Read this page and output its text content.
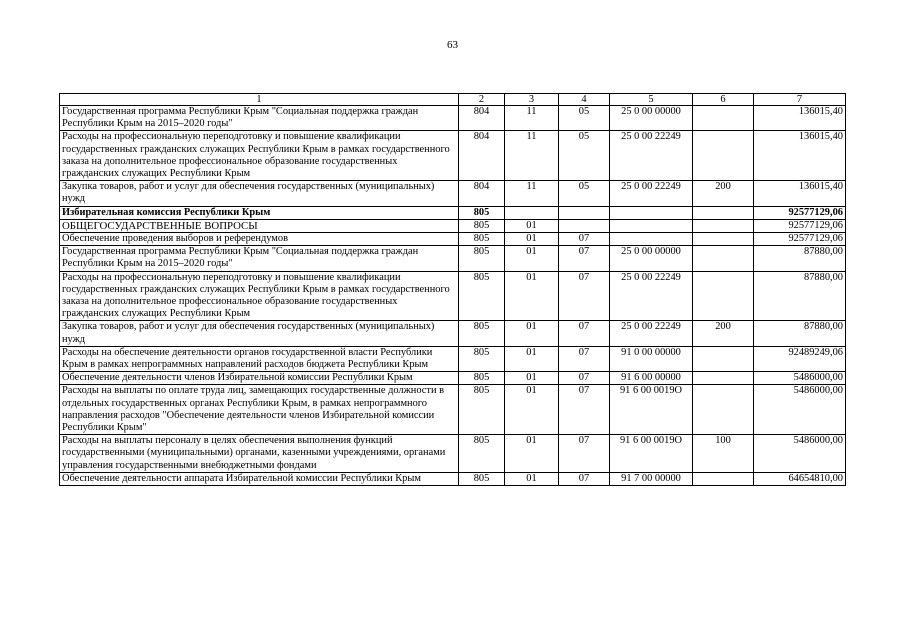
63
1	2	3	4	5	6	7
Государственная программа Республики Крым "Социальная поддержка граждан Республики Крым на 2015–2020 годы"	804	11	05	25 0 00 00000		136015,40
Расходы на профессиональную переподготовку и повышение квалификации государственных гражданских служащих Республики Крым в рамках государственного заказа на дополнительное профессиональное образование государственных гражданских служащих Республики Крым	804	11	05	25 0 00 22249		136015,40
Закупка товаров, работ и услуг для обеспечения государственных (муниципальных) нужд	804	11	05	25 0 00 22249	200	136015,40
Избирательная комиссия Республики Крым	805					92577129,06
ОБЩЕГОСУДАРСТВЕННЫЕ ВОПРОСЫ	805	01				92577129,06
Обеспечение проведения выборов и референдумов	805	01	07			92577129,06
Государственная программа Республики Крым "Социальная поддержка граждан Республики Крым на 2015–2020 годы"	805	01	07	25 0 00 00000		87880,00
Расходы на профессиональную переподготовку и повышение квалификации государственных гражданских служащих Республики Крым в рамках государственного заказа на дополнительное профессиональное образование государственных гражданских служащих Республики Крым	805	01	07	25 0 00 22249		87880,00
Закупка товаров, работ и услуг для обеспечения государственных (муниципальных) нужд	805	01	07	25 0 00 22249	200	87880,00
Расходы на обеспечение деятельности органов государственной власти Республики Крым в рамках непрограммных направлений расходов бюджета Республики Крым	805	01	07	91 0 00 00000		92489249,06
Обеспечение деятельности членов Избирательной комиссии Республики Крым	805	01	07	91 6 00 00000		5486000,00
Расходы на выплаты по оплате труда лиц, замещающих государственные должности в отдельных государственных органах Республики Крым, в рамках непрограммного направления расходов "Обеспечение деятельности членов Избирательной комиссии Республики Крым"	805	01	07	91 6 00 0019О		5486000,00
Расходы на выплаты персоналу в целях обеспечения выполнения функций государственными (муниципальными) органами, казенными учреждениями, органами управления государственными внебюджетными фондами	805	01	07	91 6 00 0019О	100	5486000,00
Обеспечение деятельности аппарата Избирательной комиссии Республики Крым	805	01	07	91 7 00 00000		64654810,00
